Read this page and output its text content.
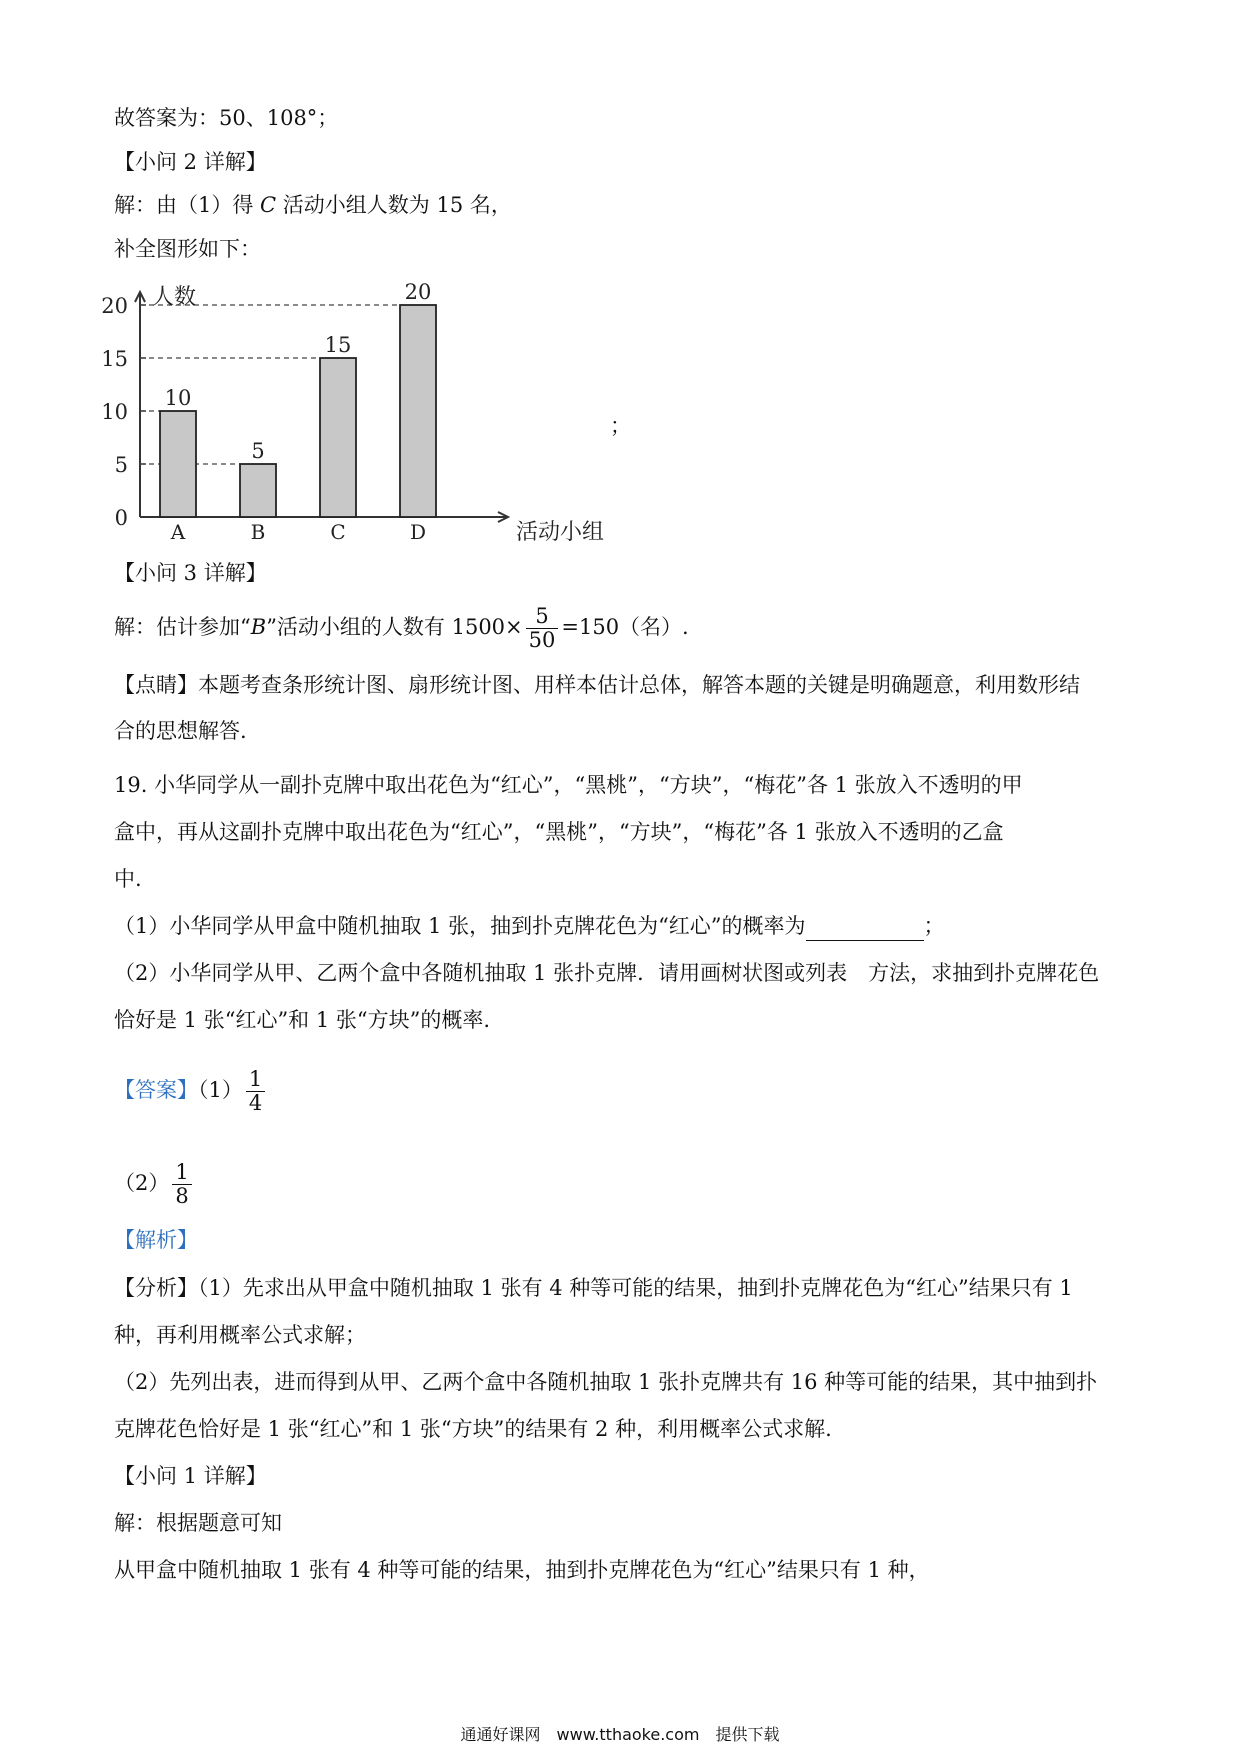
故答案为：50、108°；
【小问 2 详解】
解：由（1）得 C 活动小组人数为 15 名，
补全图形如下：
人数
活动小组
0
5
10
15
20
10
A
5
B
15
C
20
D
；
【小问 3 详解】
解：估计参加“B”活动小组的人数有 $1500\times \frac{5}{50} =150$（名）.
【点睛】本题考查条形统计图、扇形统计图、用样本估计总体，解答本题的关键是明确题意，利用数形结
合的思想解答.
19. 小华同学从一副扑克牌中取出花色为“红心”，“黑桃”，“方块”，“梅花”各 1 张放入不透明的甲
盒中，再从这副扑克牌中取出花色为“红心”，“黑桃”，“方块”，“梅花”各 1 张放入不透明的乙盒
中.
（1）小华同学从甲盒中随机抽取 1 张，抽到扑克牌花色为“红心”的概率为	；
（2）小华同学从甲、乙两个盒中各随机抽取 1 张扑克牌．请用画树状图或列表　方法，求抽到扑克牌花色
恰好是 1 张“红心”和 1 张“方块”的概率.
【答案】$(1) \frac{1}{4}$
$(2) \frac{1}{8}$
【解析】
【分析】（1）先求出从甲盒中随机抽取 1 张有 4 种等可能的结果，抽到扑克牌花色为“红心”结果只有 1
种，再利用概率公式求解；
（2）先列出表，进而得到从甲、乙两个盒中各随机抽取 1 张扑克牌共有 16 种等可能的结果，其中抽到扑
克牌花色恰好是 1 张“红心”和 1 张“方块”的结果有 2 种，利用概率公式求解.
【小问 1 详解】
解：根据题意可知
从甲盒中随机抽取 1 张有 4 种等可能的结果，抽到扑克牌花色为“红心”结果只有 1 种，
通通好课网　www.tthaoke.com　提供下载
